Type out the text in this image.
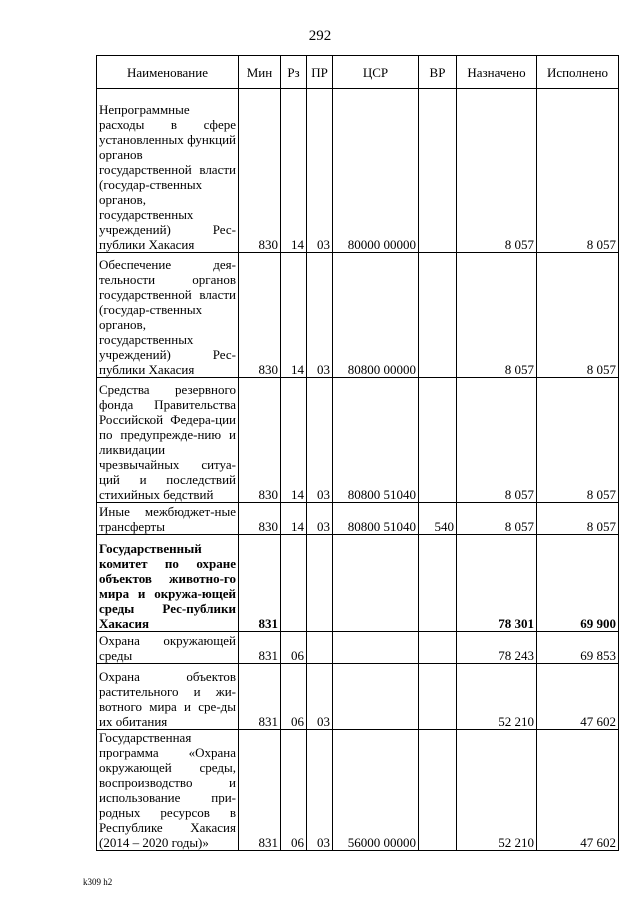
292
Наименование	Мин	Рз	ПР	ЦСР	ВР	Назначено	Исполнено
Непрограммные расходы в сфере установленных функций органов государственной власти (государ-ственных органов, государственных учреждений) Рес-публики Хакасия	830	14	03	80000 00000		8 057	8 057
Обеспечение дея-тельности органов государственной власти (государ-ственных органов, государственных учреждений) Рес-публики Хакасия	830	14	03	80800 00000		8 057	8 057
Средства резервного фонда Правительства Российской Федера-ции по предупрежде-нию и ликвидации чрезвычайных ситуа-ций и последствий стихийных бедствий	830	14	03	80800 51040		8 057	8 057
Иные межбюджет-ные трансферты	830	14	03	80800 51040	540	8 057	8 057
Государственный комитет по охране объектов животно-го мира и окружа-ющей среды Рес-публики Хакасия	831					78 301	69 900
Охрана окружающей среды	831	06				78 243	69 853
Охрана объектов растительного и жи-вотного мира и сре-ды их обитания	831	06	03			52 210	47 602
Государственная программа «Охрана окружающей среды, воспроизводство и использование при-родных ресурсов в Республике Хакасия (2014 – 2020 годы)»	831	06	03	56000 00000		52 210	47 602
k309 h2
